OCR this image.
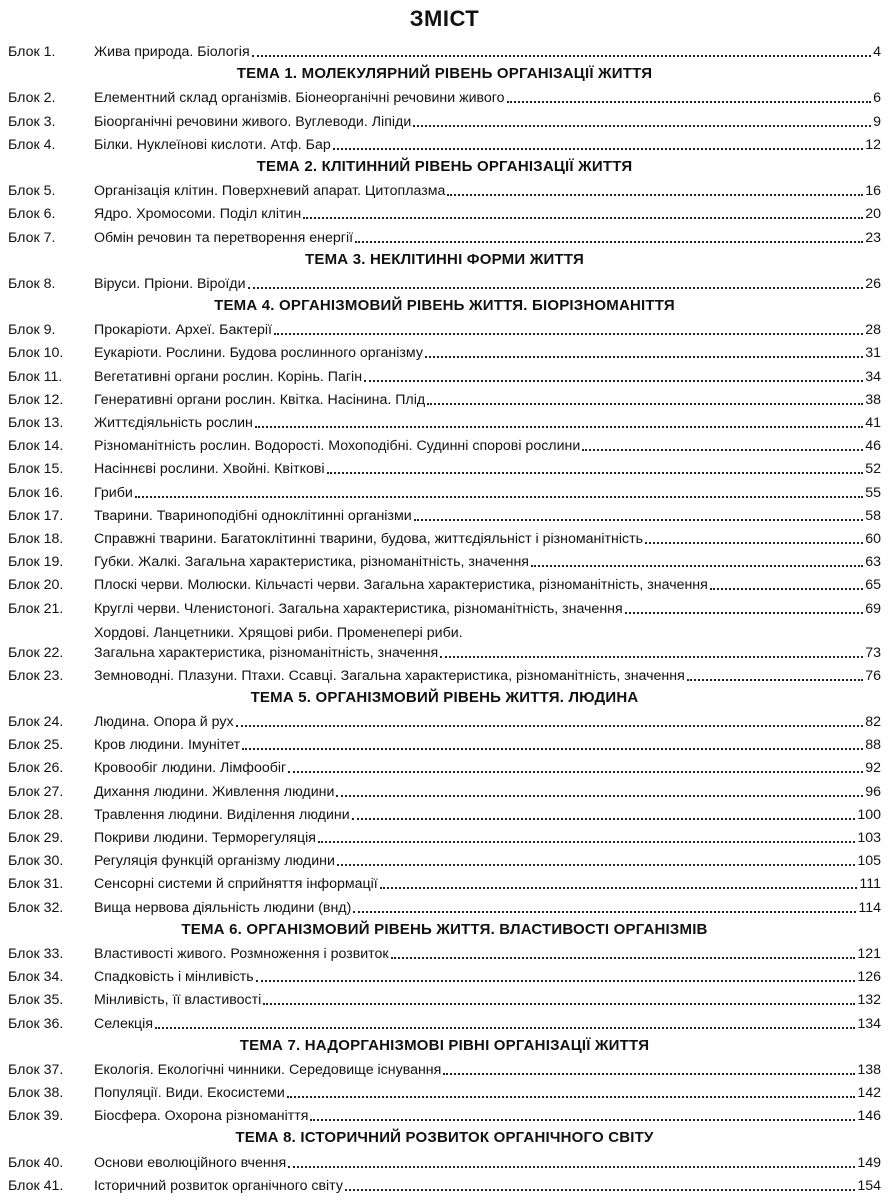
ЗМІСТ
Блок 1.	Жива природа. Біологія	4
ТЕМА 1. МОЛЕКУЛЯРНИЙ РІВЕНЬ ОРГАНІЗАЦІЇ ЖИТТЯ
Блок 2.	Елементний склад організмів. Біонеорганічні речовини живого	6
Блок 3.	Біоорганічні речовини живого. Вуглеводи. Ліпіди	9
Блок 4.	Білки. Нуклеїнові кислоти. Атф. Бар	12
ТЕМА 2. КЛІТИННИЙ РІВЕНЬ ОРГАНІЗАЦІЇ ЖИТТЯ
Блок 5.	Організація клітин. Поверхневий апарат. Цитоплазма	16
Блок 6.	Ядро. Хромосоми. Поділ клітин	20
Блок 7.	Обмін речовин та перетворення енергії	23
ТЕМА 3. НЕКЛІТИННІ ФОРМИ ЖИТТЯ
Блок 8.	Віруси. Пріони. Віроїди	26
ТЕМА 4. ОРГАНІЗМОВИЙ РІВЕНЬ ЖИТТЯ. БІОРІЗНОМАНІТТЯ
Блок 9.	Прокаріоти. Археї. Бактерії	28
Блок 10.	Еукаріоти. Рослини. Будова рослинного організму	31
Блок 11.	Вегетативні органи рослин. Корінь. Пагін	34
Блок 12.	Генеративні органи рослин. Квітка. Насінина. Плід	38
Блок 13.	Життєдіяльність рослин	41
Блок 14.	Різноманітність рослин. Водорості. Мохоподібні. Судинні спорові рослини	46
Блок 15.	Насіннєві рослини. Хвойні. Квіткові	52
Блок 16.	Гриби	55
Блок 17.	Тварини. Твариноподібні одноклітинні організми	58
Блок 18.	Справжні тварини. Багатоклітинні тварини, будова, життєдіяльніст і різноманітність	60
Блок 19.	Губки. Жалкі. Загальна характеристика, різноманітність, значення	63
Блок 20.	Плоскі черви. Молюски. Кільчасті черви. Загальна характеристика, різноманітність, значення	65
Блок 21.	Круглі черви. Членистоногі. Загальна характеристика, різноманітність, значення	69
Блок 22.
Хордові. Ланцетники. Хрящові риби. Променепері риби.
Загальна характеристика, різноманітність, значення	73
Блок 23.	Земноводні. Плазуни. Птахи. Ссавці. Загальна характеристика, різноманітність, значення	76
ТЕМА 5. ОРГАНІЗМОВИЙ РІВЕНЬ ЖИТТЯ. ЛЮДИНА
Блок 24.	Людина. Опора й рух	82
Блок 25.	Кров людини. Імунітет	88
Блок 26.	Кровообіг людини. Лімфообіг	92
Блок 27.	Дихання людини. Живлення людини	96
Блок 28.	Травлення людини. Виділення людини	100
Блок 29.	Покриви людини. Терморегуляція	103
Блок 30.	Регуляція функцій організму людини	105
Блок 31.	Сенсорні системи й сприйняття інформації	111
Блок 32.	Вища нервова діяльність людини (внд)	114
ТЕМА 6. ОРГАНІЗМОВИЙ РІВЕНЬ ЖИТТЯ. ВЛАСТИВОСТІ ОРГАНІЗМІВ
Блок 33.	Властивості живого. Розмноження і розвиток	121
Блок 34.	Спадковість і мінливість	126
Блок 35.	Мінливість, її властивості	132
Блок 36.	Селекція	134
ТЕМА 7. НАДОРГАНІЗМОВІ РІВНІ ОРГАНІЗАЦІЇ ЖИТТЯ
Блок 37.	Екологія. Екологічні чинники. Середовище існування	138
Блок 38.	Популяції. Види. Екосистеми	142
Блок 39.	Біосфера. Охорона різноманіття	146
ТЕМА 8. ІСТОРИЧНИЙ РОЗВИТОК ОРГАНІЧНОГО СВІТУ
Блок 40.	Основи еволюційного вчення	149
Блок 41.	Історичний розвиток органічного світу	154
